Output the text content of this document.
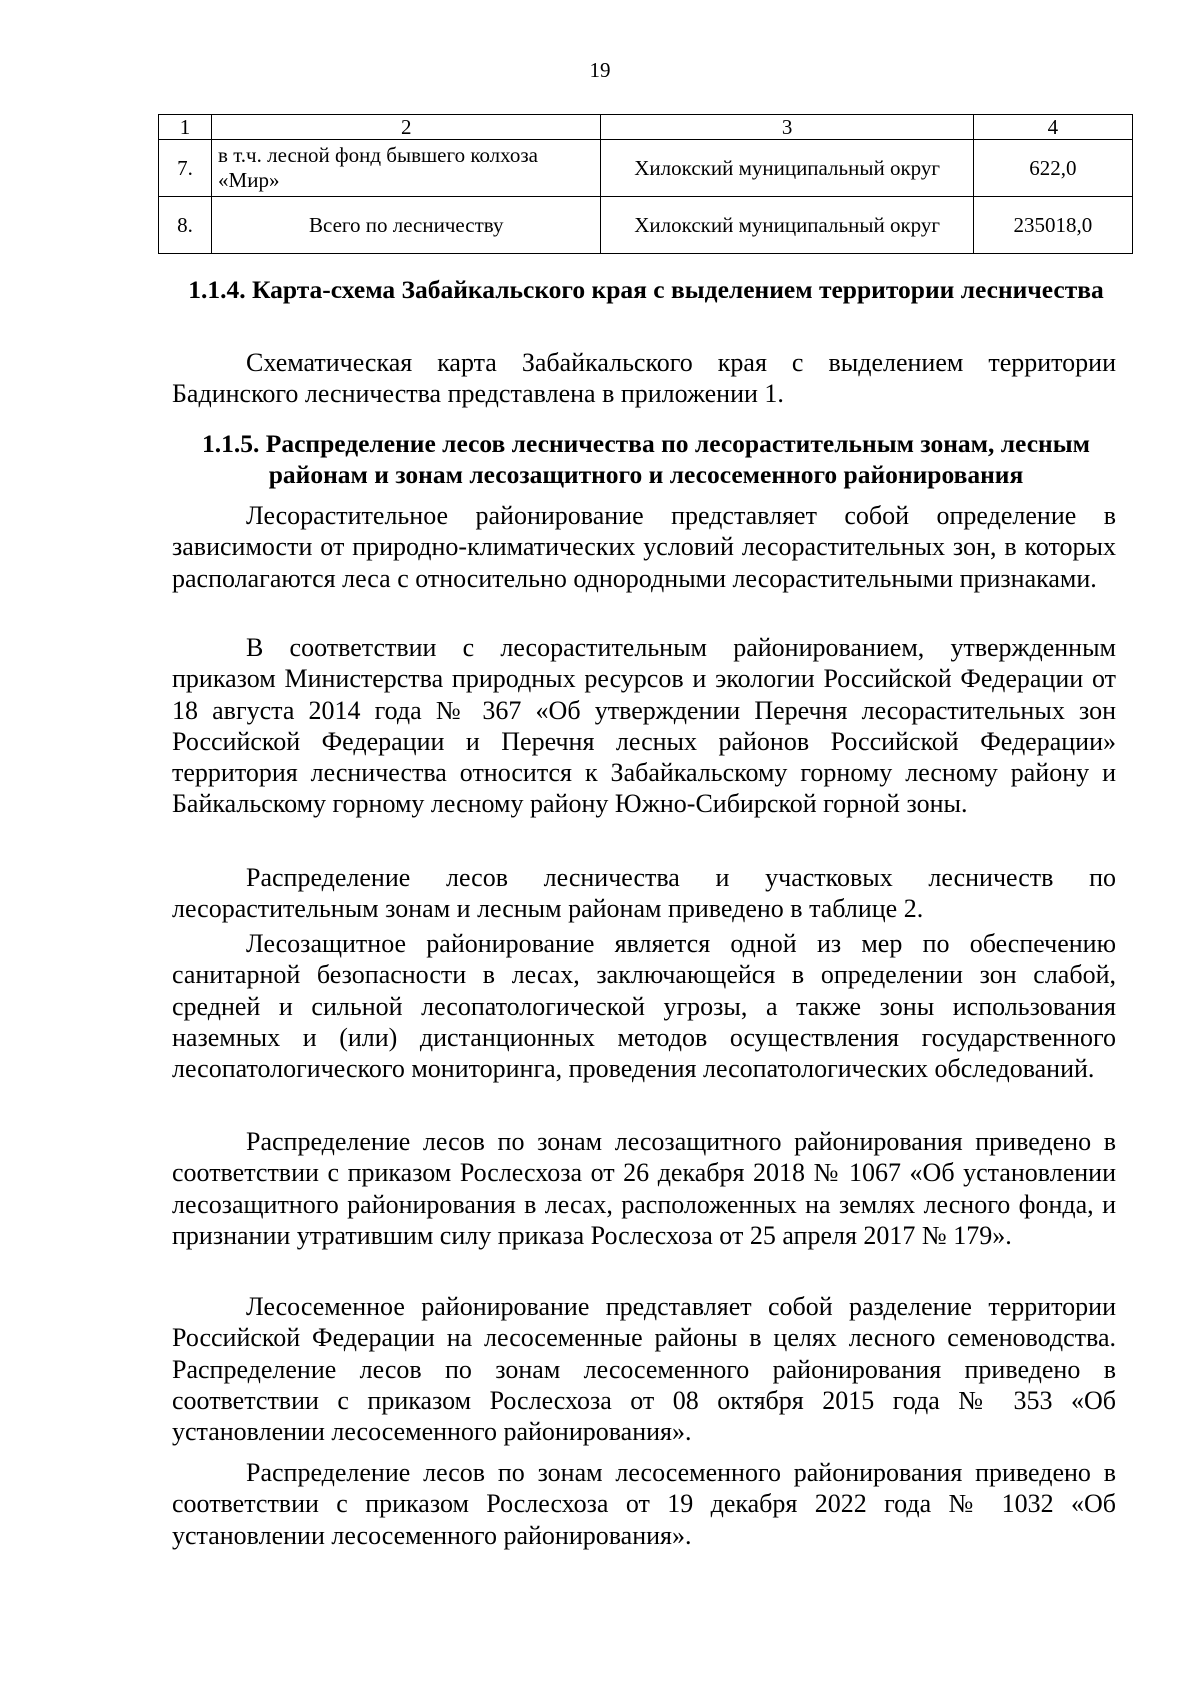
19
1	2	3	4
7.	в т.ч. лесной фонд бывшего колхоза «Мир»	Хилокский муниципальный округ	622,0
8.	Всего по лесничеству	Хилокский муниципальный округ	235018,0
1.1.4. Карта-схема Забайкальского края с выделением территории лесничества
Схематическая карта Забайкальского края с выделением территории Бадинского лесничества представлена в приложении 1.
1.1.5. Распределение лесов лесничества по лесорастительным зонам, лесным районам и зонам лесозащитного и лесосеменного районирования
Лесорастительное районирование представляет собой определение в зависимости от природно-климатических условий лесорастительных зон, в которых располагаются леса с относительно однородными лесорастительными признаками.
В соответствии с лесорастительным районированием, утвержденным приказом Министерства природных ресурсов и экологии Российской Федерации от 18 августа 2014 года № 367 «Об утверждении Перечня лесорастительных зон Российской Федерации и Перечня лесных районов Российской Федерации» территория лесничества относится к Забайкальскому горному лесному району и Байкальскому горному лесному району Южно-Сибирской горной зоны.
Распределение лесов лесничества и участковых лесничеств по лесорастительным зонам и лесным районам приведено в таблице 2.
Лесозащитное районирование является одной из мер по обеспечению санитарной безопасности в лесах, заключающейся в определении зон слабой, средней и сильной лесопатологической угрозы, а также зоны использования наземных и (или) дистанционных методов осуществления государственного лесопатологического мониторинга, проведения лесопатологических обследований.
Распределение лесов по зонам лесозащитного районирования приведено в соответствии с приказом Рослесхоза от 26 декабря 2018 № 1067 «Об установлении лесозащитного районирования в лесах, расположенных на землях лесного фонда, и признании утратившим силу приказа Рослесхоза от 25 апреля 2017 № 179».
Лесосеменное районирование представляет собой разделение территории Российской Федерации на лесосеменные районы в целях лесного семеноводства. Распределение лесов по зонам лесосеменного районирования приведено в соответствии с приказом Рослесхоза от 08 октября 2015 года № 353 «Об установлении лесосеменного районирования».
Распределение лесов по зонам лесосеменного районирования приведено в соответствии с приказом Рослесхоза от 19 декабря 2022 года № 1032 «Об установлении лесосеменного районирования».
